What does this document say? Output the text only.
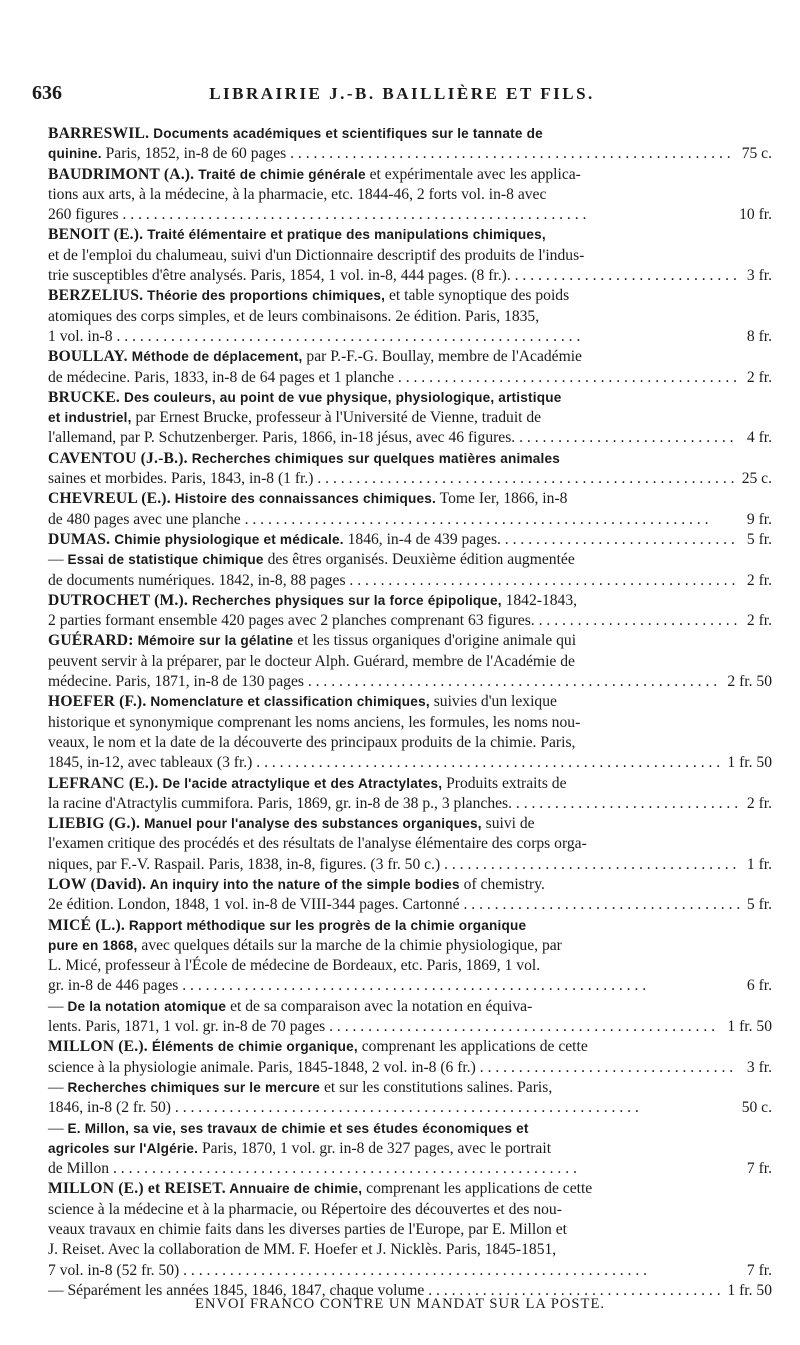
636	LIBRAIRIE J.-B. BAILLIÈRE ET FILS.
BARRESWIL. Documents académiques et scientifiques sur le tannate de
75 c.
quinine. Paris, 1852, in-8 de 60 pages . . . . . . . . . . . . . . . . . . . . . . . . . . . . . . . . . . . . . . . . . . . . . . . . . . . . . . . . .
BAUDRIMONT (A.). Traité de chimie générale et expérimentale avec les applica-
tions aux arts, à la médecine, à la pharmacie, etc. 1844-46, 2 forts vol. in-8 avec
10 fr.
260 figures . . . . . . . . . . . . . . . . . . . . . . . . . . . . . . . . . . . . . . . . . . . . . . . . . . . . . . . . . . . .
BENOIT (E.). Traité élémentaire et pratique des manipulations chimiques,
et de l'emploi du chalumeau, suivi d'un Dictionnaire descriptif des produits de l'indus-
3 fr.
trie susceptibles d'être analysés. Paris, 1854, 1 vol. in-8, 444 pages. (8 fr.). . . . . . . . . . . . . . . . . . . . . . . . . . . . . .
BERZELIUS. Théorie des proportions chimiques, et table synoptique des poids
atomiques des corps simples, et de leurs combinaisons. 2e édition. Paris, 1835,
8 fr.
1 vol. in-8 . . . . . . . . . . . . . . . . . . . . . . . . . . . . . . . . . . . . . . . . . . . . . . . . . . . . . . . . . . . .
BOULLAY. Méthode de déplacement, par P.-F.-G. Boullay, membre de l'Académie
2 fr.
de médecine. Paris, 1833, in-8 de 64 pages et 1 planche . . . . . . . . . . . . . . . . . . . . . . . . . . . . . . . . . . . . . . . . . . . .
BRUCKE. Des couleurs, au point de vue physique, physiologique, artistique
et industriel, par Ernest Brucke, professeur à l'Université de Vienne, traduit de
4 fr.
l'allemand, par P. Schutzenberger. Paris, 1866, in-18 jésus, avec 46 figures. . . . . . . . . . . . . . . . . . . . . . . . . . . . .
CAVENTOU (J.-B.). Recherches chimiques sur quelques matières animales
25 c.
saines et morbides. Paris, 1843, in-8 (1 fr.) . . . . . . . . . . . . . . . . . . . . . . . . . . . . . . . . . . . . . . . . . . . . . . . . . . . . . .
CHEVREUL (E.). Histoire des connaissances chimiques. Tome Ier, 1866, in-8
9 fr.
de 480 pages avec une planche . . . . . . . . . . . . . . . . . . . . . . . . . . . . . . . . . . . . . . . . . . . . . . . . . . . . . . . . . . . .
5 fr.
DUMAS. Chimie physiologique et médicale. 1846, in-4 de 439 pages. . . . . . . . . . . . . . . . . . . . . . . . . . . . . . .
— Essai de statistique chimique des êtres organisés. Deuxième édition augmentée
2 fr.
de documents numériques. 1842, in-8, 88 pages . . . . . . . . . . . . . . . . . . . . . . . . . . . . . . . . . . . . . . . . . . . . . . . . . .
DUTROCHET (M.). Recherches physiques sur la force épipolique, 1842-1843,
2 fr.
2 parties formant ensemble 420 pages avec 2 planches comprenant 63 figures. . . . . . . . . . . . . . . . . . . . . . . . . . .
GUÉRARD: Mémoire sur la gélatine et les tissus organiques d'origine animale qui
peuvent servir à la préparer, par le docteur Alph. Guérard, membre de l'Académie de
2 fr. 50
médecine. Paris, 1871, in-8 de 130 pages . . . . . . . . . . . . . . . . . . . . . . . . . . . . . . . . . . . . . . . . . . . . . . . . . . . . .
HOEFER (F.). Nomenclature et classification chimiques, suivies d'un lexique
historique et synonymique comprenant les noms anciens, les formules, les noms nou-
veaux, le nom et la date de la découverte des principaux produits de la chimie. Paris,
1 fr. 50
1845, in-12, avec tableaux (3 fr.) . . . . . . . . . . . . . . . . . . . . . . . . . . . . . . . . . . . . . . . . . . . . . . . . . . . . . . . . . . . .
LEFRANC (E.). De l'acide atractylique et des Atractylates, Produits extraits de
2 fr.
la racine d'Atractylis cummifora. Paris, 1869, gr. in-8 de 38 p., 3 planches. . . . . . . . . . . . . . . . . . . . . . . . . . . . . .
LIEBIG (G.). Manuel pour l'analyse des substances organiques, suivi de
l'examen critique des procédés et des résultats de l'analyse élémentaire des corps orga-
1 fr.
niques, par F.-V. Raspail. Paris, 1838, in-8, figures. (3 fr. 50 c.) . . . . . . . . . . . . . . . . . . . . . . . . . . . . . . . . . . . . . .
LOW (David). An inquiry into the nature of the simple bodies of chemistry.
5 fr.
2e édition. London, 1848, 1 vol. in-8 de VIII-344 pages. Cartonné . . . . . . . . . . . . . . . . . . . . . . . . . . . . . . . . . . . .
MICÉ (L.). Rapport méthodique sur les progrès de la chimie organique
pure en 1868, avec quelques détails sur la marche de la chimie physiologique, par
L. Micé, professeur à l'École de médecine de Bordeaux, etc. Paris, 1869, 1 vol.
6 fr.
gr. in-8 de 446 pages . . . . . . . . . . . . . . . . . . . . . . . . . . . . . . . . . . . . . . . . . . . . . . . . . . . . . . . . . . . .
— De la notation atomique et de sa comparaison avec la notation en équiva-
1 fr. 50
lents. Paris, 1871, 1 vol. gr. in-8 de 70 pages . . . . . . . . . . . . . . . . . . . . . . . . . . . . . . . . . . . . . . . . . . . . . . . . . .
MILLON (E.). Éléments de chimie organique, comprenant les applications de cette
3 fr.
science à la physiologie animale. Paris, 1845-1848, 2 vol. in-8 (6 fr.) . . . . . . . . . . . . . . . . . . . . . . . . . . . . . . . . .
— Recherches chimiques sur le mercure et sur les constitutions salines. Paris,
50 c.
1846, in-8 (2 fr. 50) . . . . . . . . . . . . . . . . . . . . . . . . . . . . . . . . . . . . . . . . . . . . . . . . . . . . . . . . . . . .
— E. Millon, sa vie, ses travaux de chimie et ses études économiques et
agricoles sur l'Algérie. Paris, 1870, 1 vol. gr. in-8 de 327 pages, avec le portrait
7 fr.
de Millon . . . . . . . . . . . . . . . . . . . . . . . . . . . . . . . . . . . . . . . . . . . . . . . . . . . . . . . . . . . .
MILLON (E.) et REISET. Annuaire de chimie, comprenant les applications de cette
science à la médecine et à la pharmacie, ou Répertoire des découvertes et des nou-
veaux travaux en chimie faits dans les diverses parties de l'Europe, par E. Millon et
J. Reiset. Avec la collaboration de MM. F. Hoefer et J. Nicklès. Paris, 1845-1851,
7 fr.
7 vol. in-8 (52 fr. 50) . . . . . . . . . . . . . . . . . . . . . . . . . . . . . . . . . . . . . . . . . . . . . . . . . . . . . . . . . . . .
1 fr. 50
— Séparément les années 1845, 1846, 1847, chaque volume . . . . . . . . . . . . . . . . . . . . . . . . . . . . . . . . . . . . . .
ENVOI FRANCO CONTRE UN MANDAT SUR LA POSTE.
